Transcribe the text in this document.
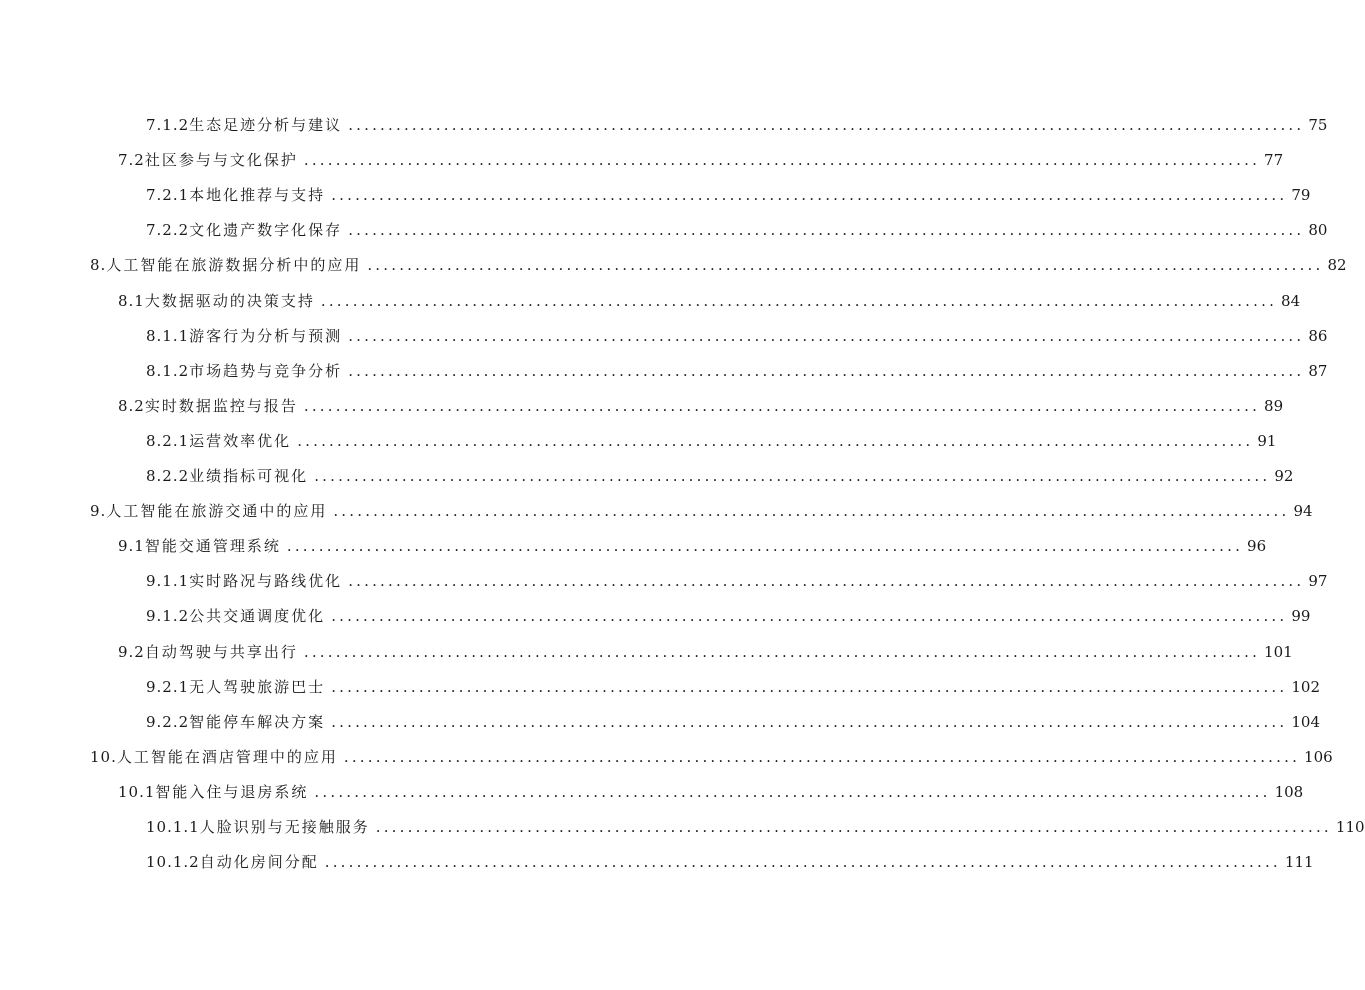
7.1.2 生态足迹分析与建议 ........................................................................................................................ 75
7.2 社区参与与文化保护 ........................................................................................................................ 77
7.2.1 本地化推荐与支持 ........................................................................................................................ 79
7.2.2 文化遗产数字化保存 ........................................................................................................................ 80
8. 人工智能在旅游数据分析中的应用 ........................................................................................................................ 82
8.1 大数据驱动的决策支持 ........................................................................................................................ 84
8.1.1 游客行为分析与预测 ........................................................................................................................ 86
8.1.2 市场趋势与竞争分析 ........................................................................................................................ 87
8.2 实时数据监控与报告 ........................................................................................................................ 89
8.2.1 运营效率优化 ........................................................................................................................ 91
8.2.2 业绩指标可视化 ........................................................................................................................ 92
9. 人工智能在旅游交通中的应用 ........................................................................................................................ 94
9.1 智能交通管理系统 ........................................................................................................................ 96
9.1.1 实时路况与路线优化 ........................................................................................................................ 97
9.1.2 公共交通调度优化 ........................................................................................................................ 99
9.2 自动驾驶与共享出行 ........................................................................................................................ 101
9.2.1 无人驾驶旅游巴士 ........................................................................................................................ 102
9.2.2 智能停车解决方案 ........................................................................................................................ 104
10. 人工智能在酒店管理中的应用 ........................................................................................................................ 106
10.1 智能入住与退房系统 ........................................................................................................................ 108
10.1.1 人脸识别与无接触服务 ........................................................................................................................ 110
10.1.2 自动化房间分配 ........................................................................................................................ 111
